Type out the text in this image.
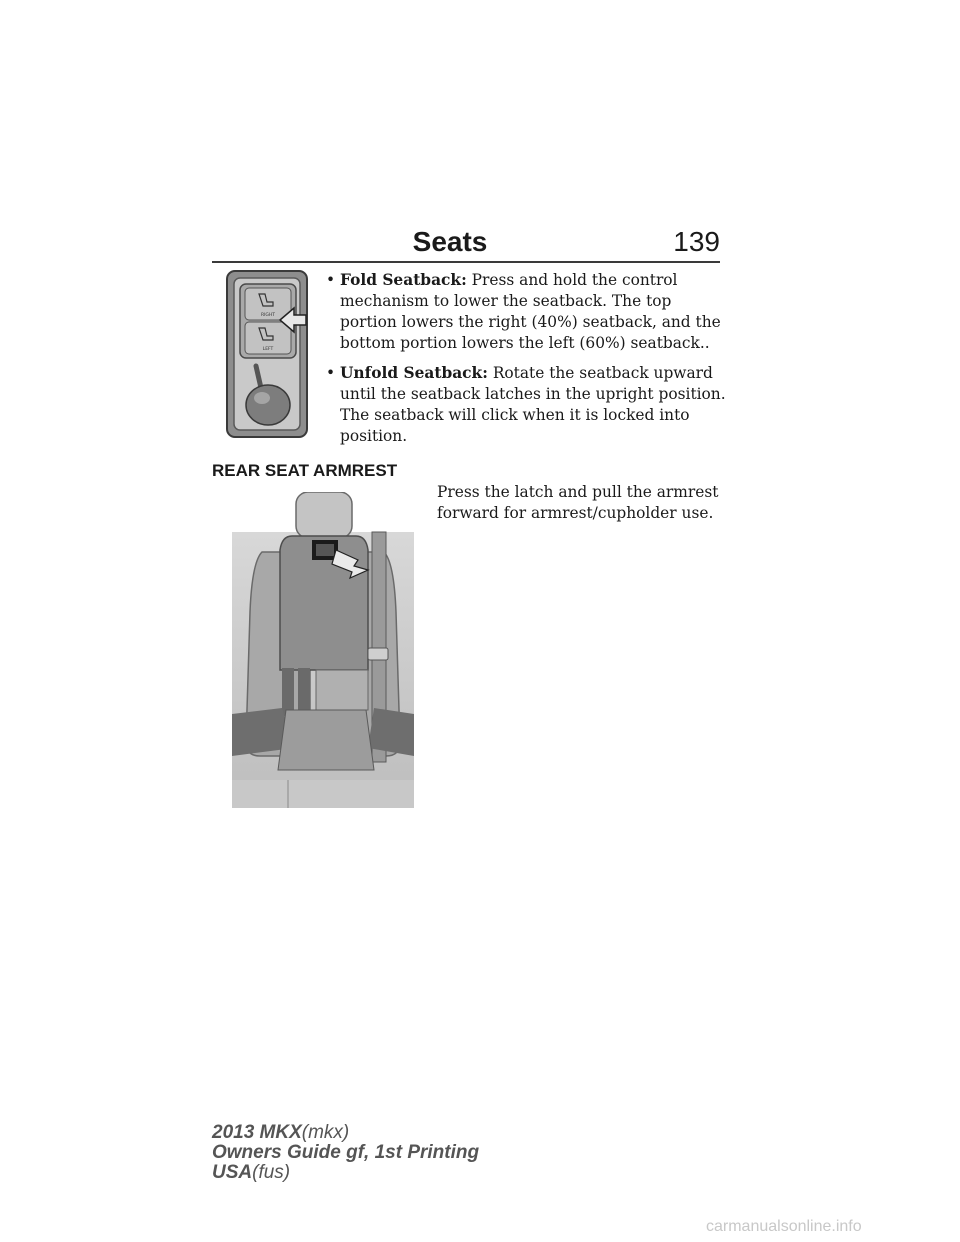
Seats	139
RIGHT
LEFT
• Fold Seatback: Press and hold the control mechanism to lower the seatback. The top portion lowers the right (40%) seatback, and the bottom portion lowers the left (60%) seatback..
• Unfold Seatback: Rotate the seatback upward until the seatback latches in the upright position. The seatback will click when it is locked into position.
REAR SEAT ARMREST
Press the latch and pull the armrest forward for armrest/cupholder use.
2013 MKX(mkx)
Owners Guide gf, 1st Printing
USA(fus)
carmanualsonline.info
